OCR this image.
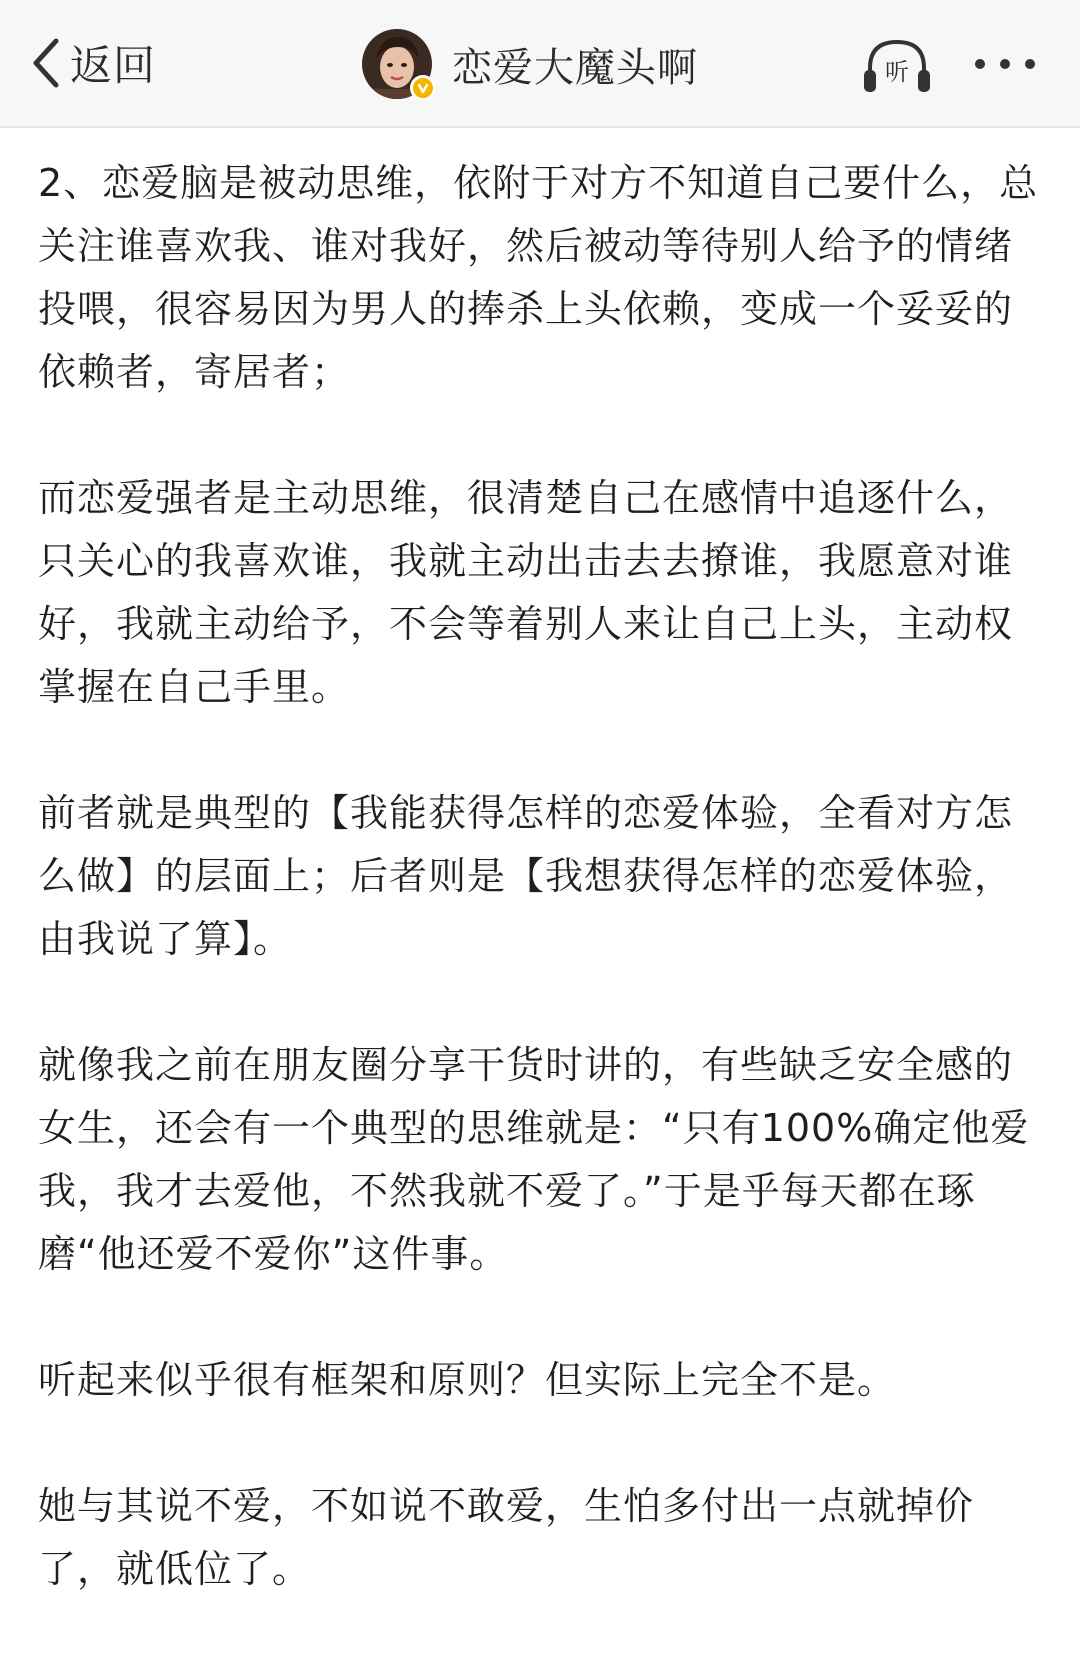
返回	恋爱大魔头啊	听

2、恋爱脑是被动思维，依附于对方不知道自己要什么，总关注谁喜欢我、谁对我好，然后被动等待别人给予的情绪投喂，很容易因为男人的捧杀上头依赖，变成一个妥妥的依赖者，寄居者；

而恋爱强者是主动思维，很清楚自己在感情中追逐什么，只关心的我喜欢谁，我就主动出击去去撩谁，我愿意对谁好，我就主动给予，不会等着别人来让自己上头，主动权掌握在自己手里。

前者就是典型的【我能获得怎样的恋爱体验，全看对方怎么做】的层面上；后者则是【我想获得怎样的恋爱体验，由我说了算】。

就像我之前在朋友圈分享干货时讲的，有些缺乏安全感的女生，还会有一个典型的思维就是：“只有100%确定他爱我，我才去爱他，不然我就不爱了。”于是乎每天都在琢磨“他还爱不爱你”这件事。

听起来似乎很有框架和原则？但实际上完全不是。

她与其说不爱，不如说不敢爱，生怕多付出一点就掉价了，就低位了。
